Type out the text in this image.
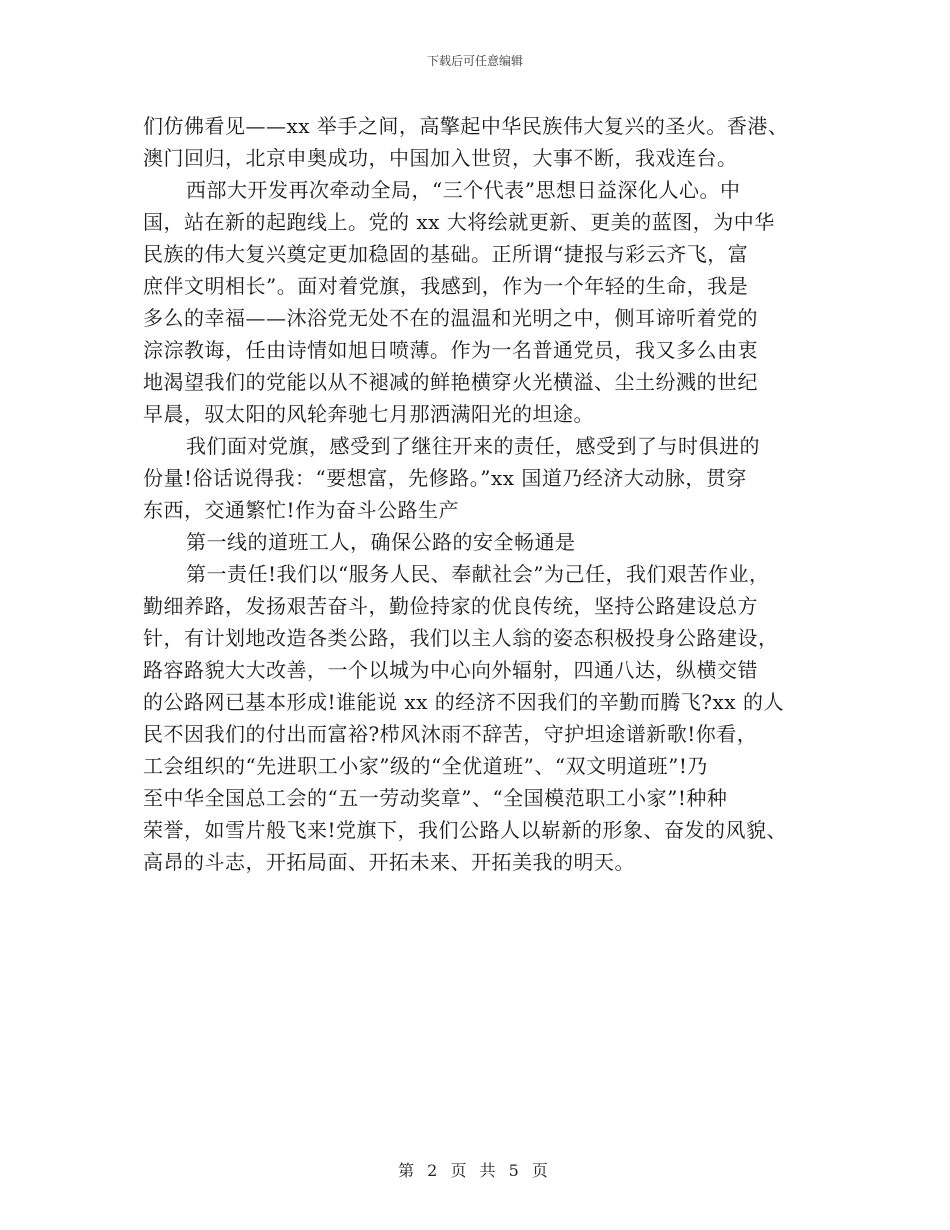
下载后可任意编辑
们仿佛看见——xx 举手之间，高擎起中华民族伟大复兴的圣火。香港、
澳门回归，北京申奥成功，中国加入世贸，大事不断，我戏连台。
西部大开发再次牵动全局，“三个代表”思想日益深化人心。中
国，站在新的起跑线上。党的 xx 大将绘就更新、更美的蓝图，为中华
民族的伟大复兴奠定更加稳固的基础。正所谓“捷报与彩云齐飞，富
庶伴文明相长”。面对着党旗，我感到，作为一个年轻的生命，我是
多么的幸福——沐浴党无处不在的温温和光明之中，侧耳谛听着党的
淙淙教诲，任由诗情如旭日喷薄。作为一名普通党员，我又多么由衷
地渴望我们的党能以从不褪减的鲜艳横穿火光横溢、尘土纷溅的世纪
早晨，驭太阳的风轮奔驰七月那洒满阳光的坦途。
我们面对党旗，感受到了继往开来的责任，感受到了与时俱进的
份量!俗话说得我：“要想富，先修路。”xx 国道乃经济大动脉，贯穿
东西，交通繁忙!作为奋斗公路生产
第一线的道班工人，确保公路的安全畅通是
第一责任!我们以“服务人民、奉献社会”为己任，我们艰苦作业，
勤细养路，发扬艰苦奋斗，勤俭持家的优良传统，坚持公路建设总方
针，有计划地改造各类公路，我们以主人翁的姿态积极投身公路建设，
路容路貌大大改善，一个以城为中心向外辐射，四通八达，纵横交错
的公路网已基本形成!谁能说 xx 的经济不因我们的辛勤而腾飞?xx 的人
民不因我们的付出而富裕?栉风沐雨不辞苦，守护坦途谱新歌!你看，
工会组织的“先进职工小家”级的“全优道班”、“双文明道班”!乃
至中华全国总工会的“五一劳动奖章”、“全国模范职工小家”!种种
荣誉，如雪片般飞来!党旗下，我们公路人以崭新的形象、奋发的风貌、
高昂的斗志，开拓局面、开拓未来、开拓美我的明天。
第 2 页 共 5 页
